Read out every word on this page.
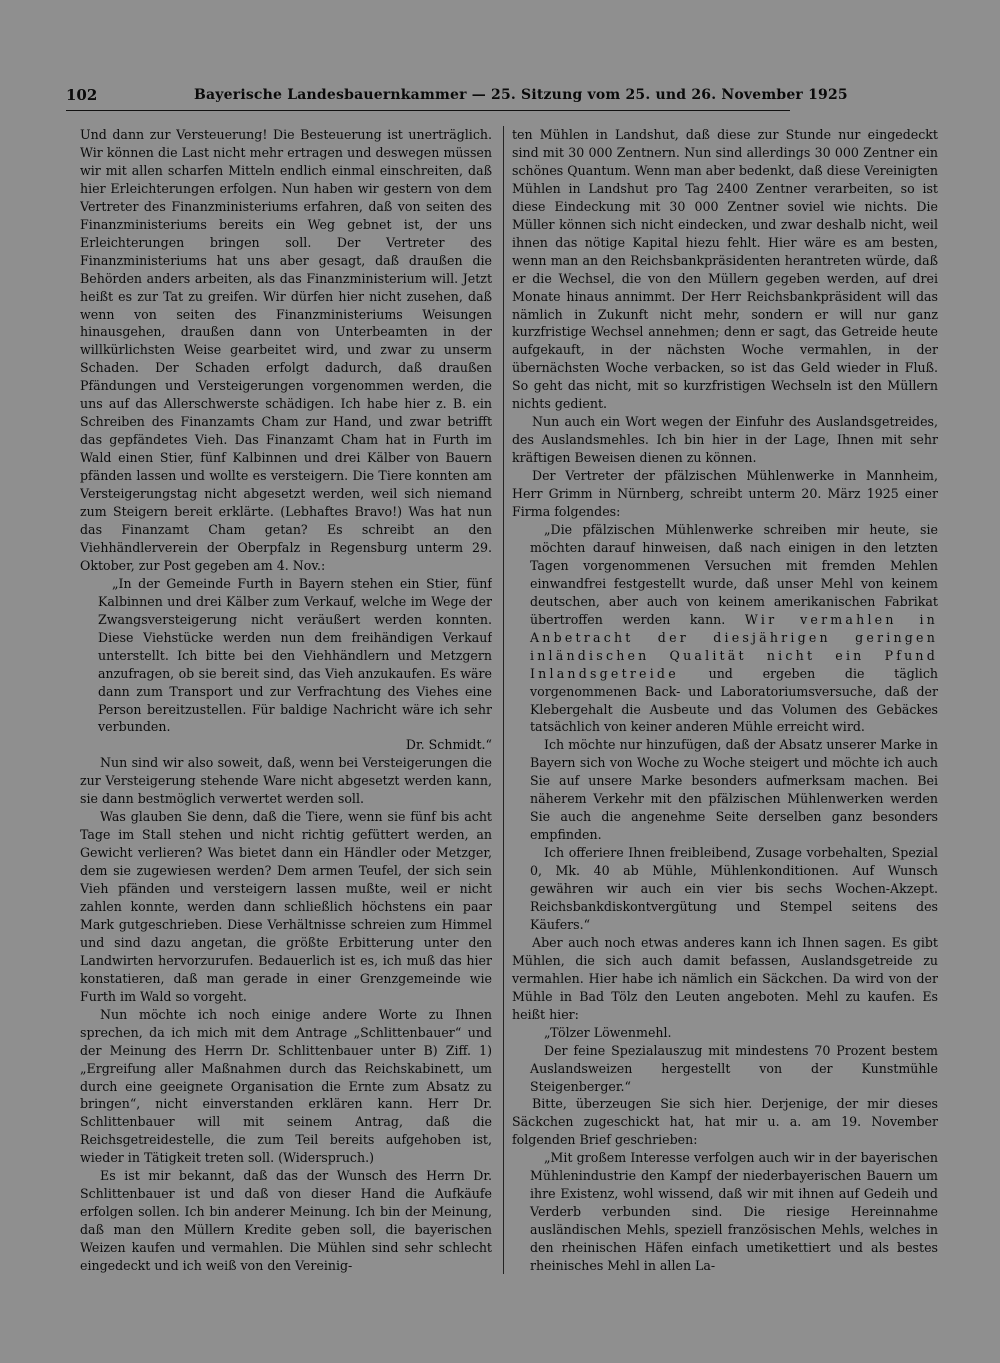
102	Bayerische Landesbauernkammer — 25. Sitzung vom 25. und 26. November 1925

Und dann zur Versteuerung! Die Besteuerung ist unerträglich. Wir können die Last nicht mehr ertragen und deswegen müssen wir mit allen scharfen Mitteln endlich einmal einschreiten, daß hier Erleichterungen erfolgen. Nun haben wir gestern von dem Vertreter des Finanzministeriums erfahren, daß von seiten des Finanzministeriums bereits ein Weg gebnet ist, der uns Erleichterungen bringen soll. Der Vertreter des Finanzministeriums hat uns aber gesagt, daß draußen die Behörden anders arbeiten, als das Finanzministerium will. Jetzt heißt es zur Tat zu greifen. Wir dürfen hier nicht zusehen, daß wenn von seiten des Finanzministeriums Weisungen hinausgehen, draußen dann von Unterbeamten in der willkürlichsten Weise gearbeitet wird, und zwar zu unserm Schaden. Der Schaden erfolgt dadurch, daß draußen Pfändungen und Versteigerungen vorgenommen werden, die uns auf das Allerschwerste schädigen. Ich habe hier z. B. ein Schreiben des Finanzamts Cham zur Hand, und zwar betrifft das gepfändetes Vieh. Das Finanzamt Cham hat in Furth im Wald einen Stier, fünf Kalbinnen und drei Kälber von Bauern pfänden lassen und wollte es versteigern. Die Tiere konnten am Versteigerungstag nicht abgesetzt werden, weil sich niemand zum Steigern bereit erklärte. (Lebhaftes Bravo!) Was hat nun das Finanzamt Cham getan? Es schreibt an den Viehhändlerverein der Oberpfalz in Regensburg unterm 29. Oktober, zur Post gegeben am 4. Nov.:

„In der Gemeinde Furth in Bayern stehen ein Stier, fünf Kalbinnen und drei Kälber zum Verkauf, welche im Wege der Zwangsversteigerung nicht veräußert werden konnten. Diese Viehstücke werden nun dem freihändigen Verkauf unterstellt. Ich bitte bei den Viehhändlern und Metzgern anzufragen, ob sie bereit sind, das Vieh anzukaufen. Es wäre dann zum Transport und zur Verfrachtung des Viehes eine Person bereitzustellen. Für baldige Nachricht wäre ich sehr verbunden.

Dr. Schmidt.“

Nun sind wir also soweit, daß, wenn bei Versteigerungen die zur Versteigerung stehende Ware nicht abgesetzt werden kann, sie dann bestmöglich verwertet werden soll.

Was glauben Sie denn, daß die Tiere, wenn sie fünf bis acht Tage im Stall stehen und nicht richtig gefüttert werden, an Gewicht verlieren? Was bietet dann ein Händler oder Metzger, dem sie zugewiesen werden? Dem armen Teufel, der sich sein Vieh pfänden und versteigern lassen mußte, weil er nicht zahlen konnte, werden dann schließlich höchstens ein paar Mark gutgeschrieben. Diese Verhältnisse schreien zum Himmel und sind dazu angetan, die größte Erbitterung unter den Landwirten hervorzurufen. Bedauerlich ist es, ich muß das hier konstatieren, daß man gerade in einer Grenzgemeinde wie Furth im Wald so vorgeht.

Nun möchte ich noch einige andere Worte zu Ihnen sprechen, da ich mich mit dem Antrage „Schlittenbauer“ und der Meinung des Herrn Dr. Schlittenbauer unter B) Ziff. 1) „Ergreifung aller Maßnahmen durch das Reichskabinett, um durch eine geeignete Organisation die Ernte zum Absatz zu bringen“, nicht einverstanden erklären kann. Herr Dr. Schlittenbauer will mit seinem Antrag, daß die Reichsgetreidestelle, die zum Teil bereits aufgehoben ist, wieder in Tätigkeit treten soll. (Widerspruch.)

Es ist mir bekannt, daß das der Wunsch des Herrn Dr. Schlittenbauer ist und daß von dieser Hand die Aufkäufe erfolgen sollen. Ich bin anderer Meinung. Ich bin der Meinung, daß man den Müllern Kredite geben soll, die bayerischen Weizen kaufen und vermahlen. Die Mühlen sind sehr schlecht eingedeckt und ich weiß von den Vereinig-

ten Mühlen in Landshut, daß diese zur Stunde nur eingedeckt sind mit 30 000 Zentnern. Nun sind allerdings 30 000 Zentner ein schönes Quantum. Wenn man aber bedenkt, daß diese Vereinigten Mühlen in Landshut pro Tag 2400 Zentner verarbeiten, so ist diese Eindeckung mit 30 000 Zentner soviel wie nichts. Die Müller können sich nicht eindecken, und zwar deshalb nicht, weil ihnen das nötige Kapital hiezu fehlt. Hier wäre es am besten, wenn man an den Reichsbankpräsidenten herantreten würde, daß er die Wechsel, die von den Müllern gegeben werden, auf drei Monate hinaus annimmt. Der Herr Reichsbankpräsident will das nämlich in Zukunft nicht mehr, sondern er will nur ganz kurzfristige Wechsel annehmen; denn er sagt, das Getreide heute aufgekauft, in der nächsten Woche vermahlen, in der übernächsten Woche verbacken, so ist das Geld wieder in Fluß. So geht das nicht, mit so kurzfristigen Wechseln ist den Müllern nichts gedient.

Nun auch ein Wort wegen der Einfuhr des Auslandsgetreides, des Auslandsmehles. Ich bin hier in der Lage, Ihnen mit sehr kräftigen Beweisen dienen zu können.

Der Vertreter der pfälzischen Mühlenwerke in Mannheim, Herr Grimm in Nürnberg, schreibt unterm 20. März 1925 einer Firma folgendes:

„Die pfälzischen Mühlenwerke schreiben mir heute, sie möchten darauf hinweisen, daß nach einigen in den letzten Tagen vorgenommenen Versuchen mit fremden Mehlen einwandfrei festgestellt wurde, daß unser Mehl von keinem deutschen, aber auch von keinem amerikanischen Fabrikat übertroffen werden kann. Wir vermahlen in Anbetracht der diesjährigen geringen inländischen Qualität nicht ein Pfund Inlandsgetreide und ergeben die täglich vorgenommenen Back- und Laboratoriumsversuche, daß der Klebergehalt die Ausbeute und das Volumen des Gebäckes tatsächlich von keiner anderen Mühle erreicht wird.

Ich möchte nur hinzufügen, daß der Absatz unserer Marke in Bayern sich von Woche zu Woche steigert und möchte ich auch Sie auf unsere Marke besonders aufmerksam machen. Bei näherem Verkehr mit den pfälzischen Mühlenwerken werden Sie auch die angenehme Seite derselben ganz besonders empfinden.

Ich offeriere Ihnen freibleibend, Zusage vorbehalten, Spezial 0, Mk. 40 ab Mühle, Mühlenkonditionen. Auf Wunsch gewähren wir auch ein vier bis sechs Wochen-Akzept. Reichsbankdiskontvergütung und Stempel seitens des Käufers.“

Aber auch noch etwas anderes kann ich Ihnen sagen. Es gibt Mühlen, die sich auch damit befassen, Auslandsgetreide zu vermahlen. Hier habe ich nämlich ein Säckchen. Da wird von der Mühle in Bad Tölz den Leuten angeboten. Mehl zu kaufen. Es heißt hier:

„Tölzer Löwenmehl.

Der feine Spezialauszug mit mindestens 70 Prozent bestem Auslandsweizen hergestellt von der Kunstmühle Steigenberger.“

Bitte, überzeugen Sie sich hier. Derjenige, der mir dieses Säckchen zugeschickt hat, hat mir u. a. am 19. November folgenden Brief geschrieben:

„Mit großem Interesse verfolgen auch wir in der bayerischen Mühlenindustrie den Kampf der niederbayerischen Bauern um ihre Existenz, wohl wissend, daß wir mit ihnen auf Gedeih und Verderb verbunden sind. Die riesige Hereinnahme ausländischen Mehls, speziell französischen Mehls, welches in den rheinischen Häfen einfach umetikettiert und als bestes rheinisches Mehl in allen La-
